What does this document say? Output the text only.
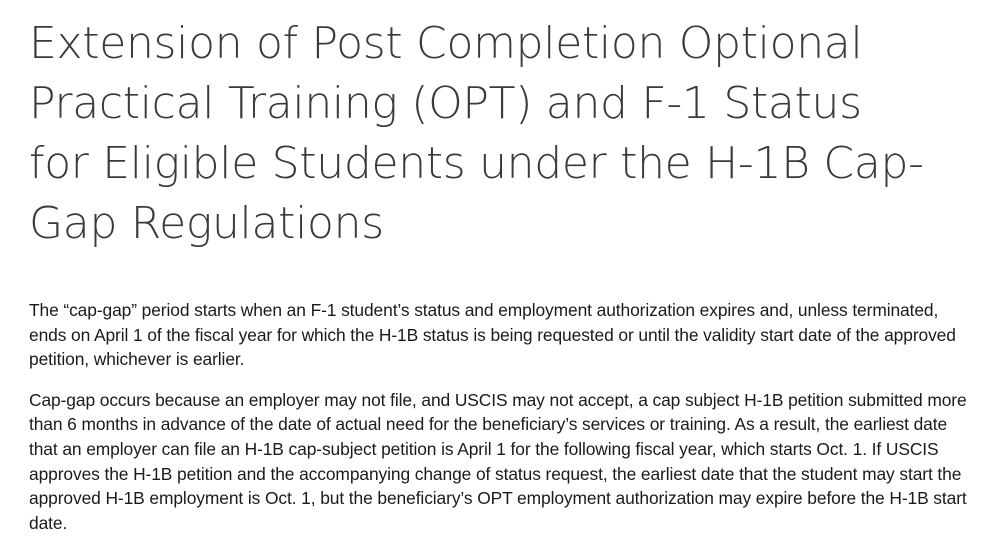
Extension of Post Completion Optional Practical Training (OPT) and F-1 Status for Eligible Students under the H-1B Cap-Gap Regulations

The “cap-gap” period starts when an F-1 student’s status and employment authorization expires and, unless terminated, ends on April 1 of the fiscal year for which the H-1B status is being requested or until the validity start date of the approved petition, whichever is earlier.

Cap-gap occurs because an employer may not file, and USCIS may not accept, a cap subject H-1B petition submitted more than 6 months in advance of the date of actual need for the beneficiary’s services or training. As a result, the earliest date that an employer can file an H-1B cap-subject petition is April 1 for the following fiscal year, which starts Oct. 1. If USCIS approves the H-1B petition and the accompanying change of status request, the earliest date that the student may start the approved H-1B employment is Oct. 1, but the beneficiary’s OPT employment authorization may expire before the H-1B start date.
